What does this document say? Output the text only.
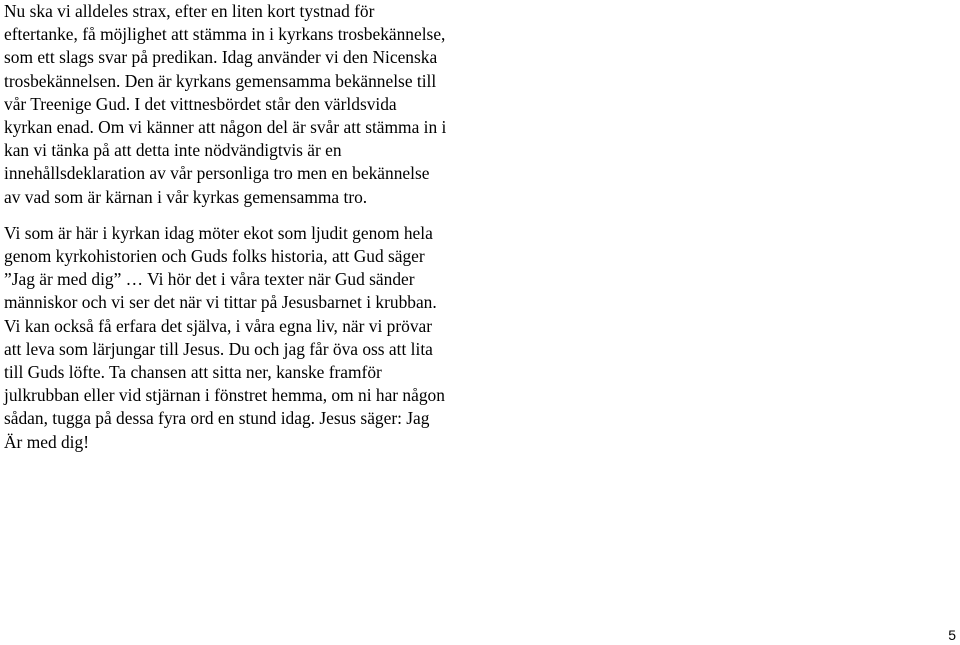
Nu ska vi alldeles strax, efter en liten kort tystnad för
eftertanke, få möjlighet att stämma in i kyrkans trosbekännelse,
som ett slags svar på predikan. Idag använder vi den Nicenska
trosbekännelsen. Den är kyrkans gemensamma bekännelse till
vår Treenige Gud. I det vittnesbördet står den världsvida
kyrkan enad. Om vi känner att någon del är svår att stämma in i
kan vi tänka på att detta inte nödvändigtvis är en
innehållsdeklaration av vår personliga tro men en bekännelse
av vad som är kärnan i vår kyrkas gemensamma tro.

Vi som är här i kyrkan idag möter ekot som ljudit genom hela
genom kyrkohistorien och Guds folks historia, att Gud säger
”Jag är med dig” … Vi hör det i våra texter när Gud sänder
människor och vi ser det när vi tittar på Jesusbarnet i krubban.
Vi kan också få erfara det själva, i våra egna liv, när vi prövar
att leva som lärjungar till Jesus. Du och jag får öva oss att lita
till Guds löfte. Ta chansen att sitta ner, kanske framför
julkrubban eller vid stjärnan i fönstret hemma, om ni har någon
sådan, tugga på dessa fyra ord en stund idag. Jesus säger: Jag
Är med dig!

5
